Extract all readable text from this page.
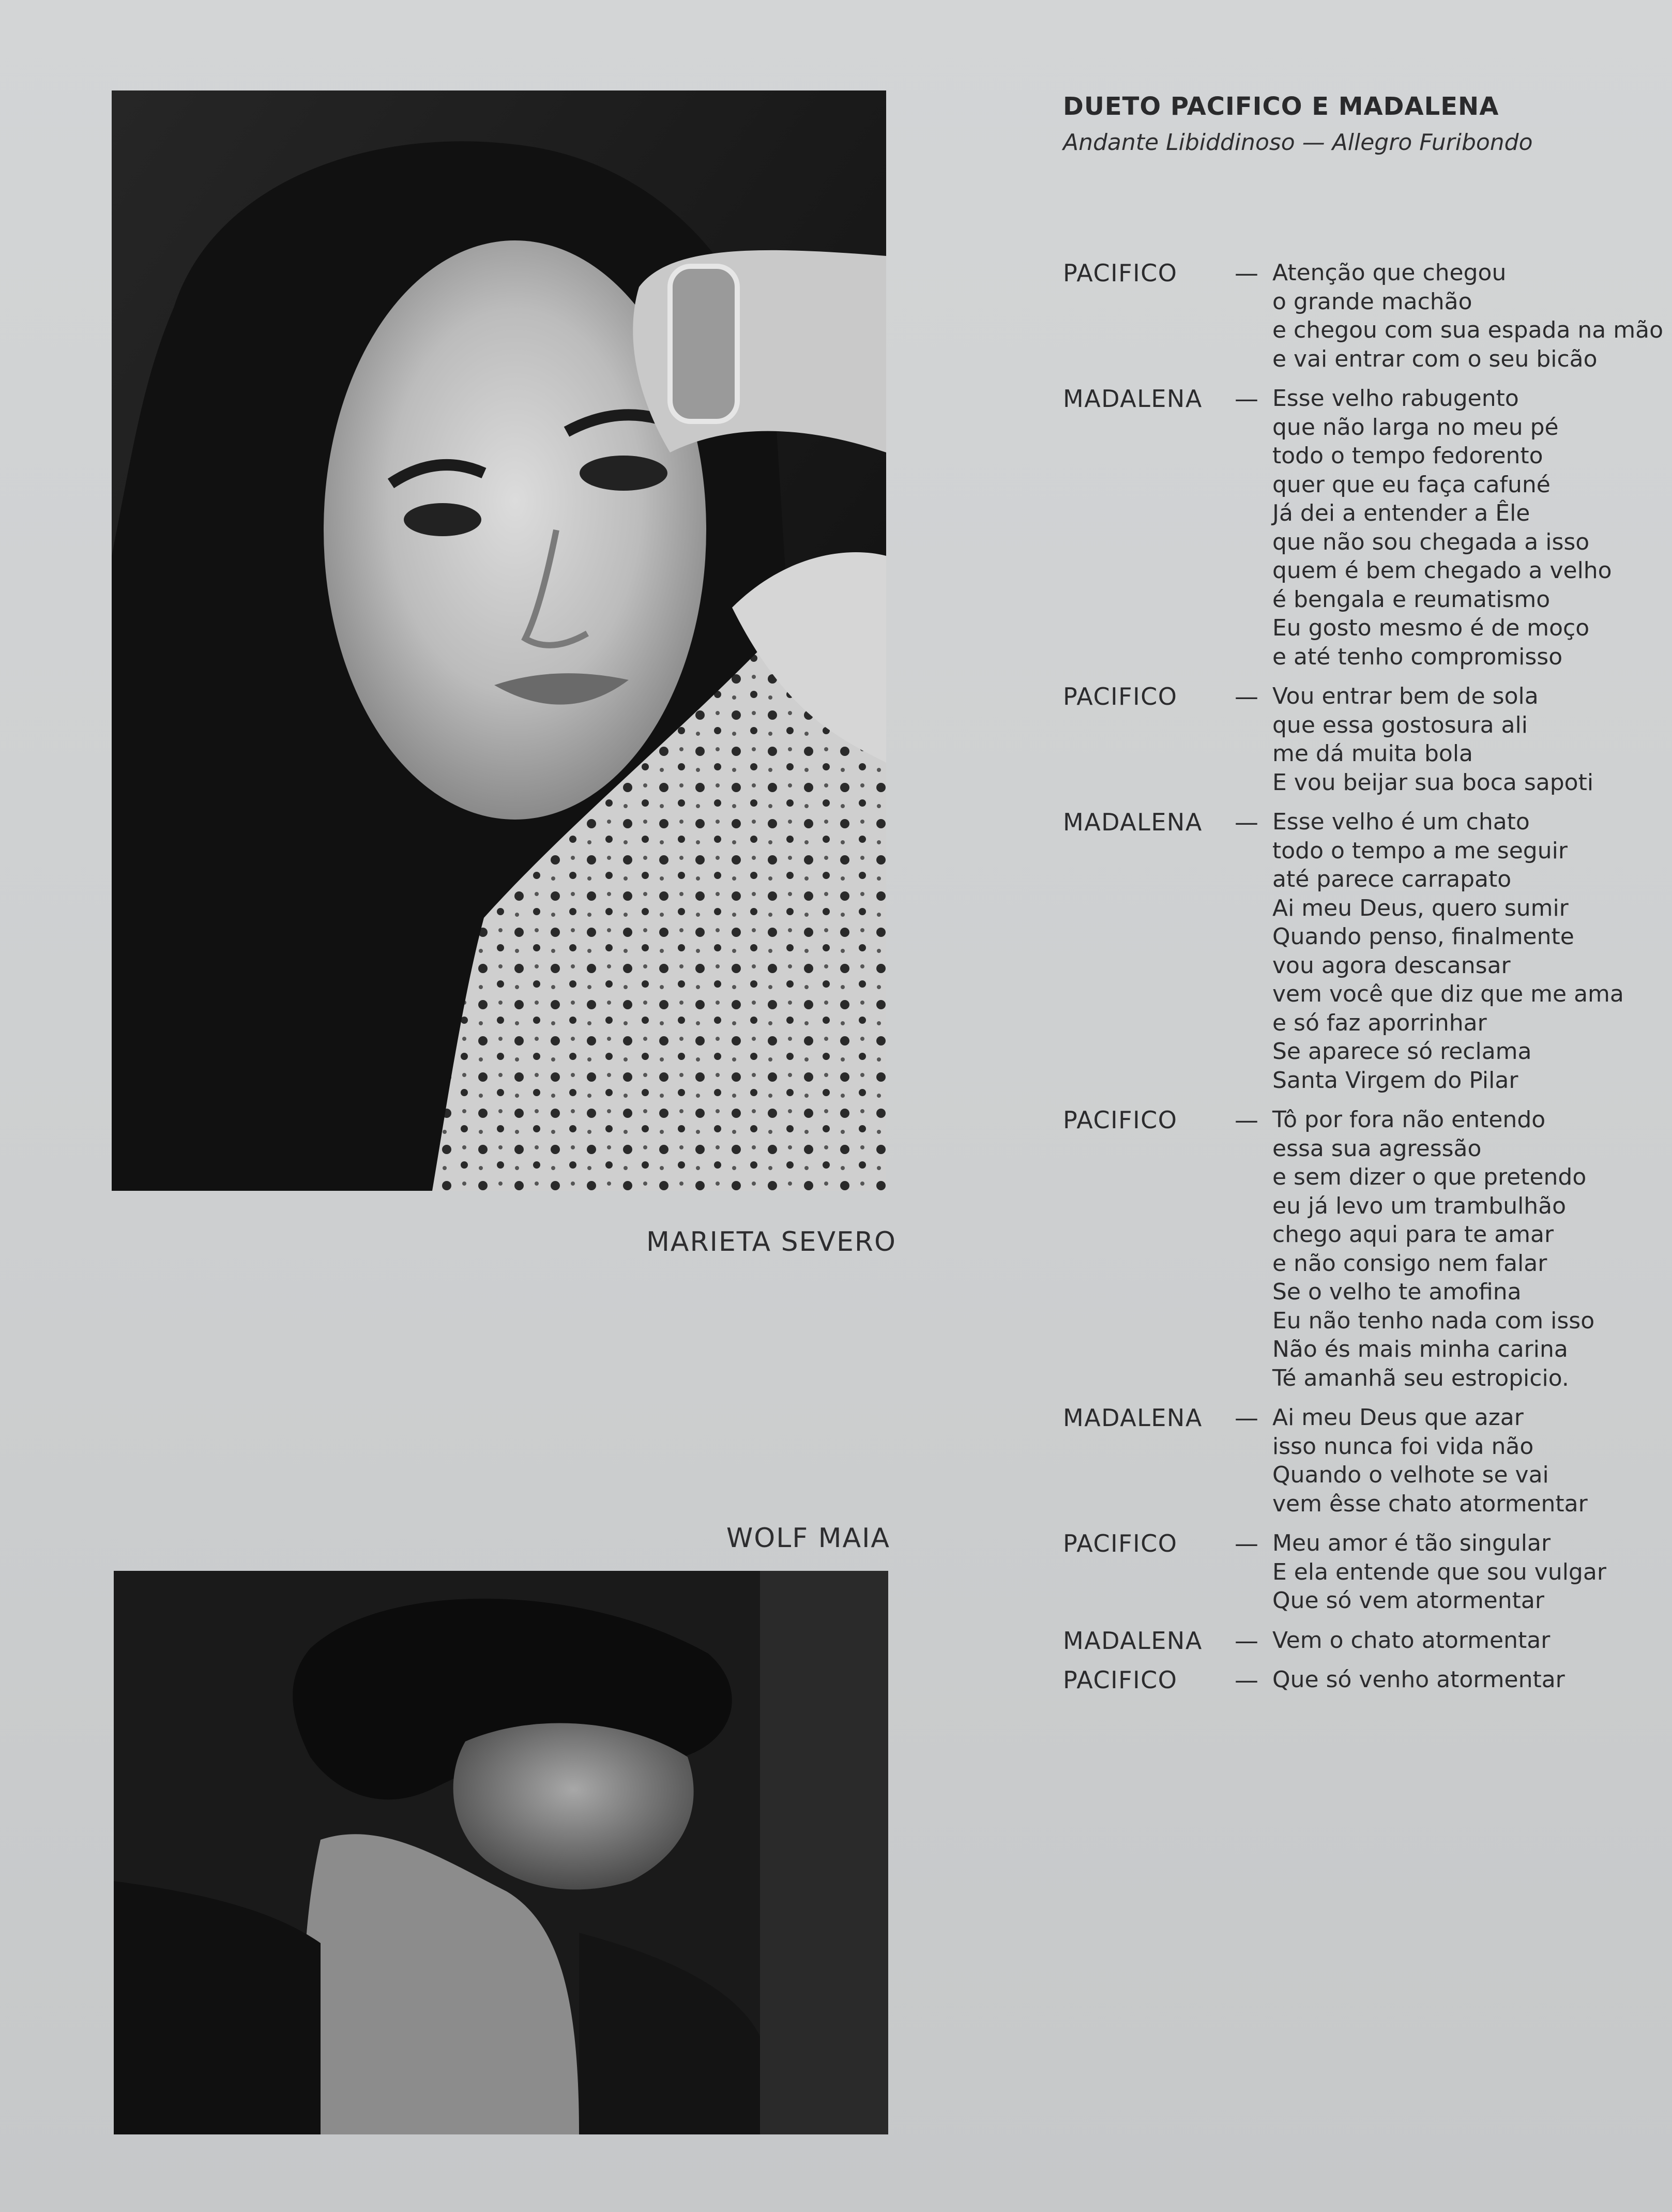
MARIETA SEVERO
WOLF MAIA
DUETO PACIFICO E MADALENA
Andante Libiddinoso — Allegro Furibondo
PACIFICO — Atenção que chegou
o grande machão
e chegou com sua espada na mão
e vai entrar com o seu bicão
MADALENA — Esse velho rabugento
que não larga no meu pé
todo o tempo fedorento
quer que eu faça cafuné
Já dei a entender a Êle
que não sou chegada a isso
quem é bem chegado a velho
é bengala e reumatismo
Eu gosto mesmo é de moço
e até tenho compromisso
PACIFICO — Vou entrar bem de sola
que essa gostosura ali
me dá muita bola
E vou beijar sua boca sapoti
MADALENA — Esse velho é um chato
todo o tempo a me seguir
até parece carrapato
Ai meu Deus, quero sumir
Quando penso, finalmente
vou agora descansar
vem você que diz que me ama
e só faz aporrinhar
Se aparece só reclama
Santa Virgem do Pilar
PACIFICO — Tô por fora não entendo
essa sua agressão
e sem dizer o que pretendo
eu já levo um trambulhão
chego aqui para te amar
e não consigo nem falar
Se o velho te amofina
Eu não tenho nada com isso
Não és mais minha carina
Té amanhã seu estropicio.
MADALENA — Ai meu Deus que azar
isso nunca foi vida não
Quando o velhote se vai
vem êsse chato atormentar
PACIFICO — Meu amor é tão singular
E ela entende que sou vulgar
Que só vem atormentar
MADALENA — Vem o chato atormentar
PACIFICO — Que só venho atormentar
